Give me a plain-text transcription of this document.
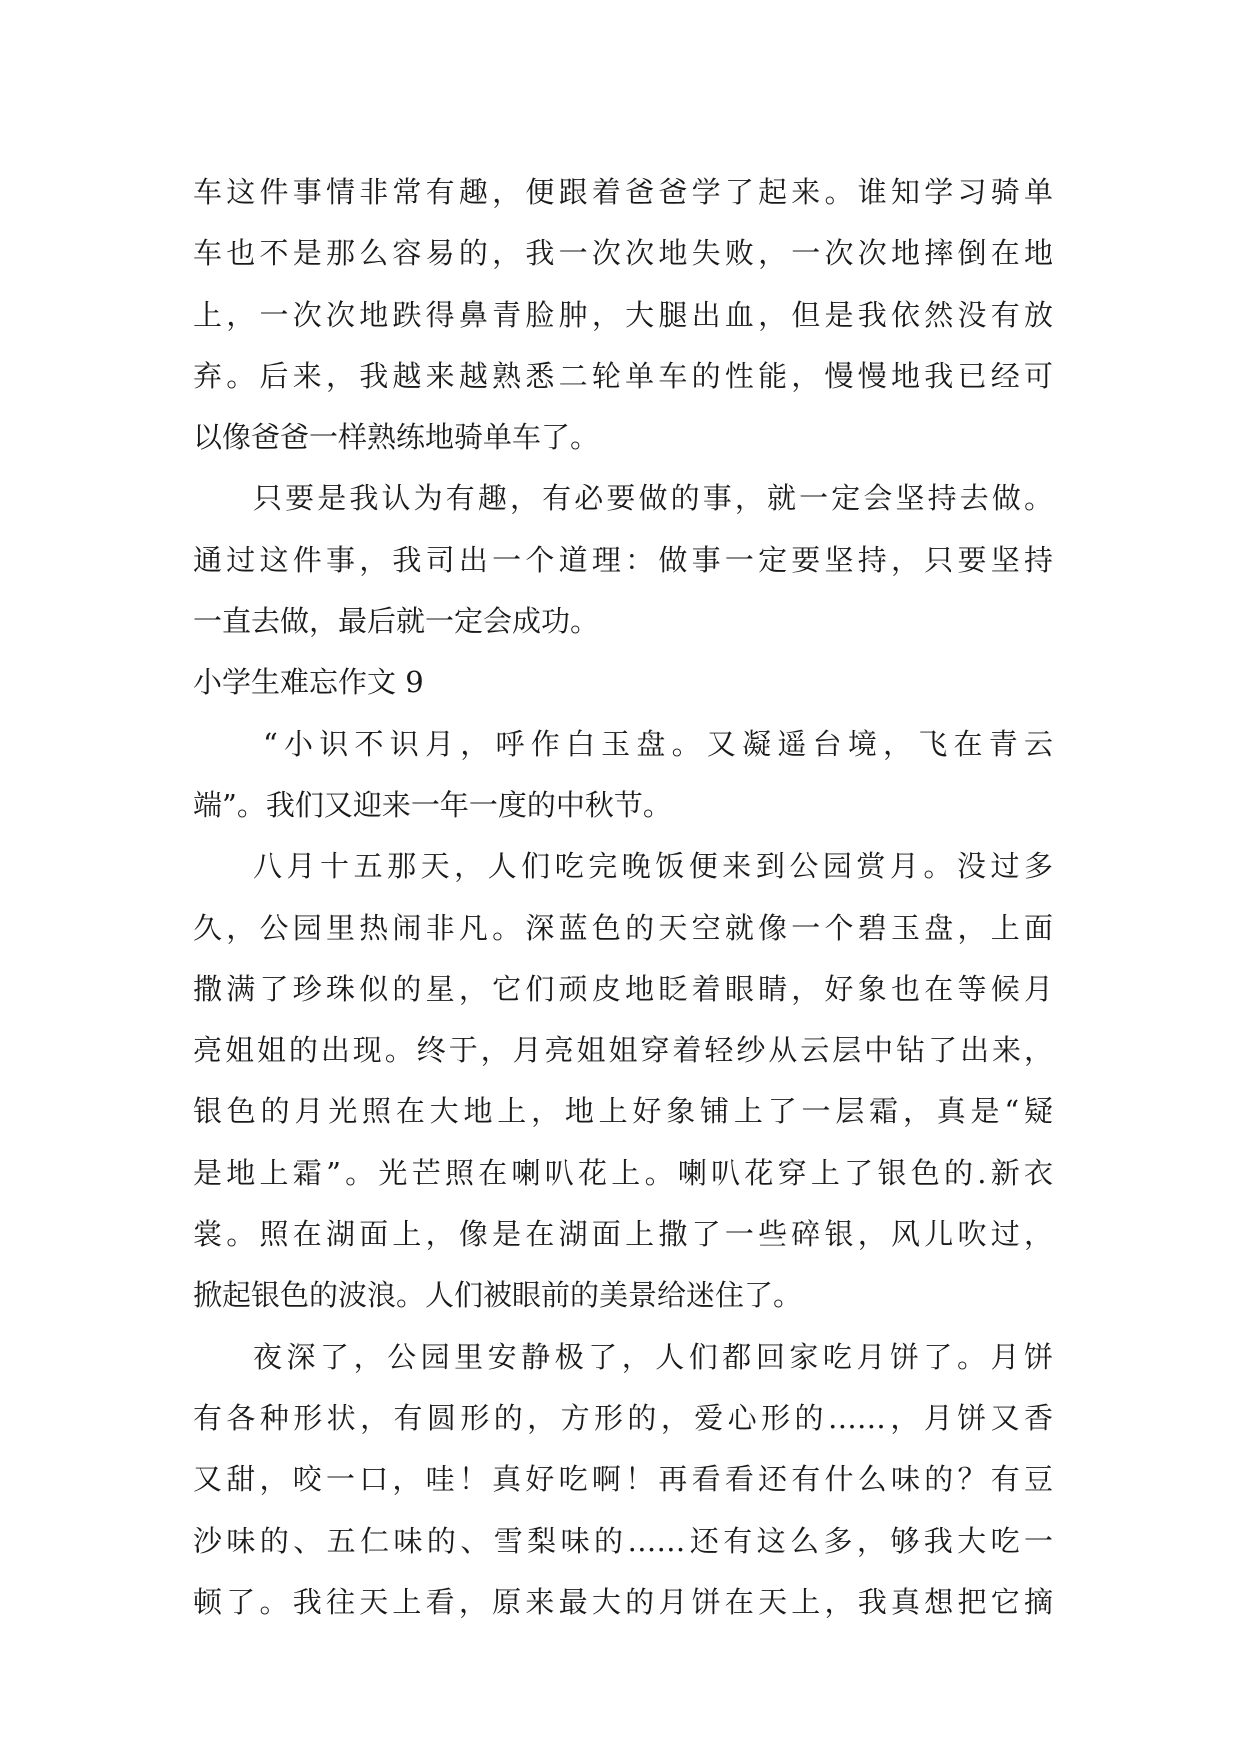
车这件事情非常有趣，便跟着爸爸学了起来。谁知学习骑单
车也不是那么容易的，我一次次地失败，一次次地摔倒在地
上，一次次地跌得鼻青脸肿，大腿出血，但是我依然没有放
弃。后来，我越来越熟悉二轮单车的性能，慢慢地我已经可
以像爸爸一样熟练地骑单车了。
只要是我认为有趣，有必要做的事，就一定会坚持去做。
通过这件事，我司出一个道理：做事一定要坚持，只要坚持
一直去做，最后就一定会成功。
小学生难忘作文 9
“小识不识月，呼作白玉盘。又凝遥台境，飞在青云
端”。我们又迎来一年一度的中秋节。
八月十五那天，人们吃完晚饭便来到公园赏月。没过多
久，公园里热闹非凡。深蓝色的天空就像一个碧玉盘，上面
撒满了珍珠似的星，它们顽皮地眨着眼睛，好象也在等候月
亮姐姐的出现。终于，月亮姐姐穿着轻纱从云层中钻了出来，
银色的月光照在大地上，地上好象铺上了一层霜，真是“疑
是地上霜”。光芒照在喇叭花上。喇叭花穿上了银色的.新衣
裳。照在湖面上，像是在湖面上撒了一些碎银，风儿吹过，
掀起银色的波浪。人们被眼前的美景给迷住了。
夜深了，公园里安静极了，人们都回家吃月饼了。月饼
有各种形状，有圆形的，方形的，爱心形的……，月饼又香
又甜，咬一口，哇！真好吃啊！再看看还有什么味的？有豆
沙味的、五仁味的、雪梨味的……还有这么多，够我大吃一
顿了。我往天上看，原来最大的月饼在天上，我真想把它摘
